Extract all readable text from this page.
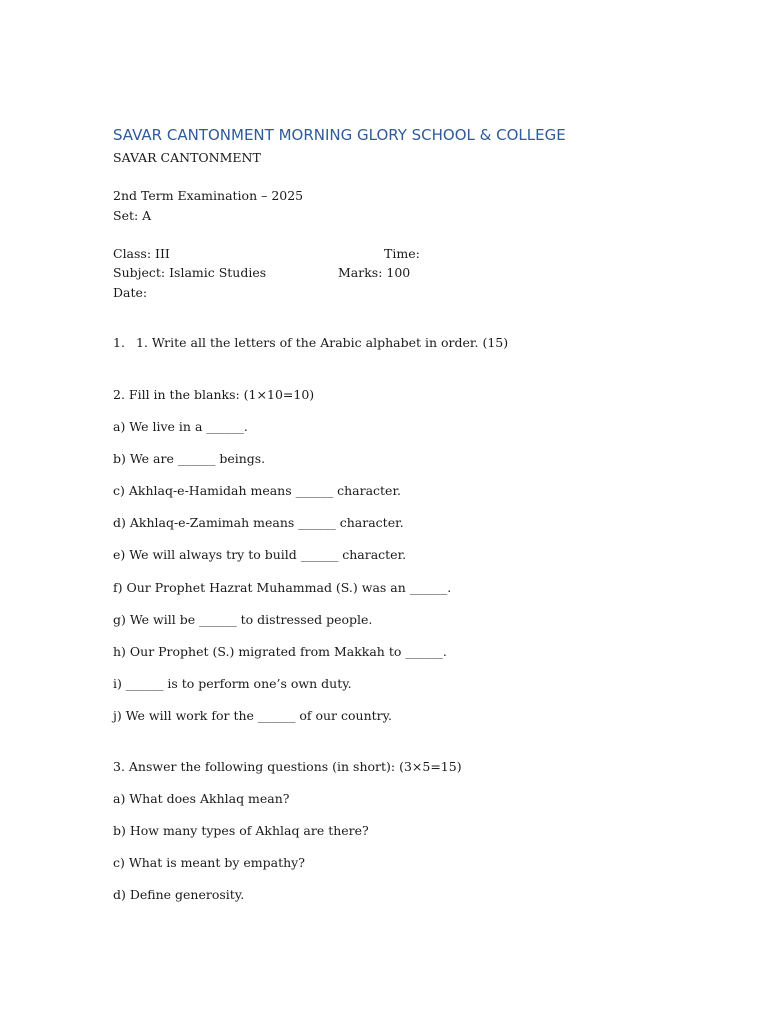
SAVAR CANTONMENT MORNING GLORY SCHOOL & COLLEGE

SAVAR CANTONMENT

2nd Term Examination – 2025

Set: A

Class: III	Time:

Subject: Islamic Studies	Marks: 100

Date:

1. 1. Write all the letters of the Arabic alphabet in order. (15)

2. Fill in the blanks: (1×10=10)

a) We live in a ______.

b) We are ______ beings.

c) Akhlaq-e-Hamidah means ______ character.

d) Akhlaq-e-Zamimah means ______ character.

e) We will always try to build ______ character.

f) Our Prophet Hazrat Muhammad (S.) was an ______.

g) We will be ______ to distressed people.

h) Our Prophet (S.) migrated from Makkah to ______.

i) ______ is to perform one’s own duty.

j) We will work for the ______ of our country.

3. Answer the following questions (in short): (3×5=15)

a) What does Akhlaq mean?

b) How many types of Akhlaq are there?

c) What is meant by empathy?

d) Define generosity.
